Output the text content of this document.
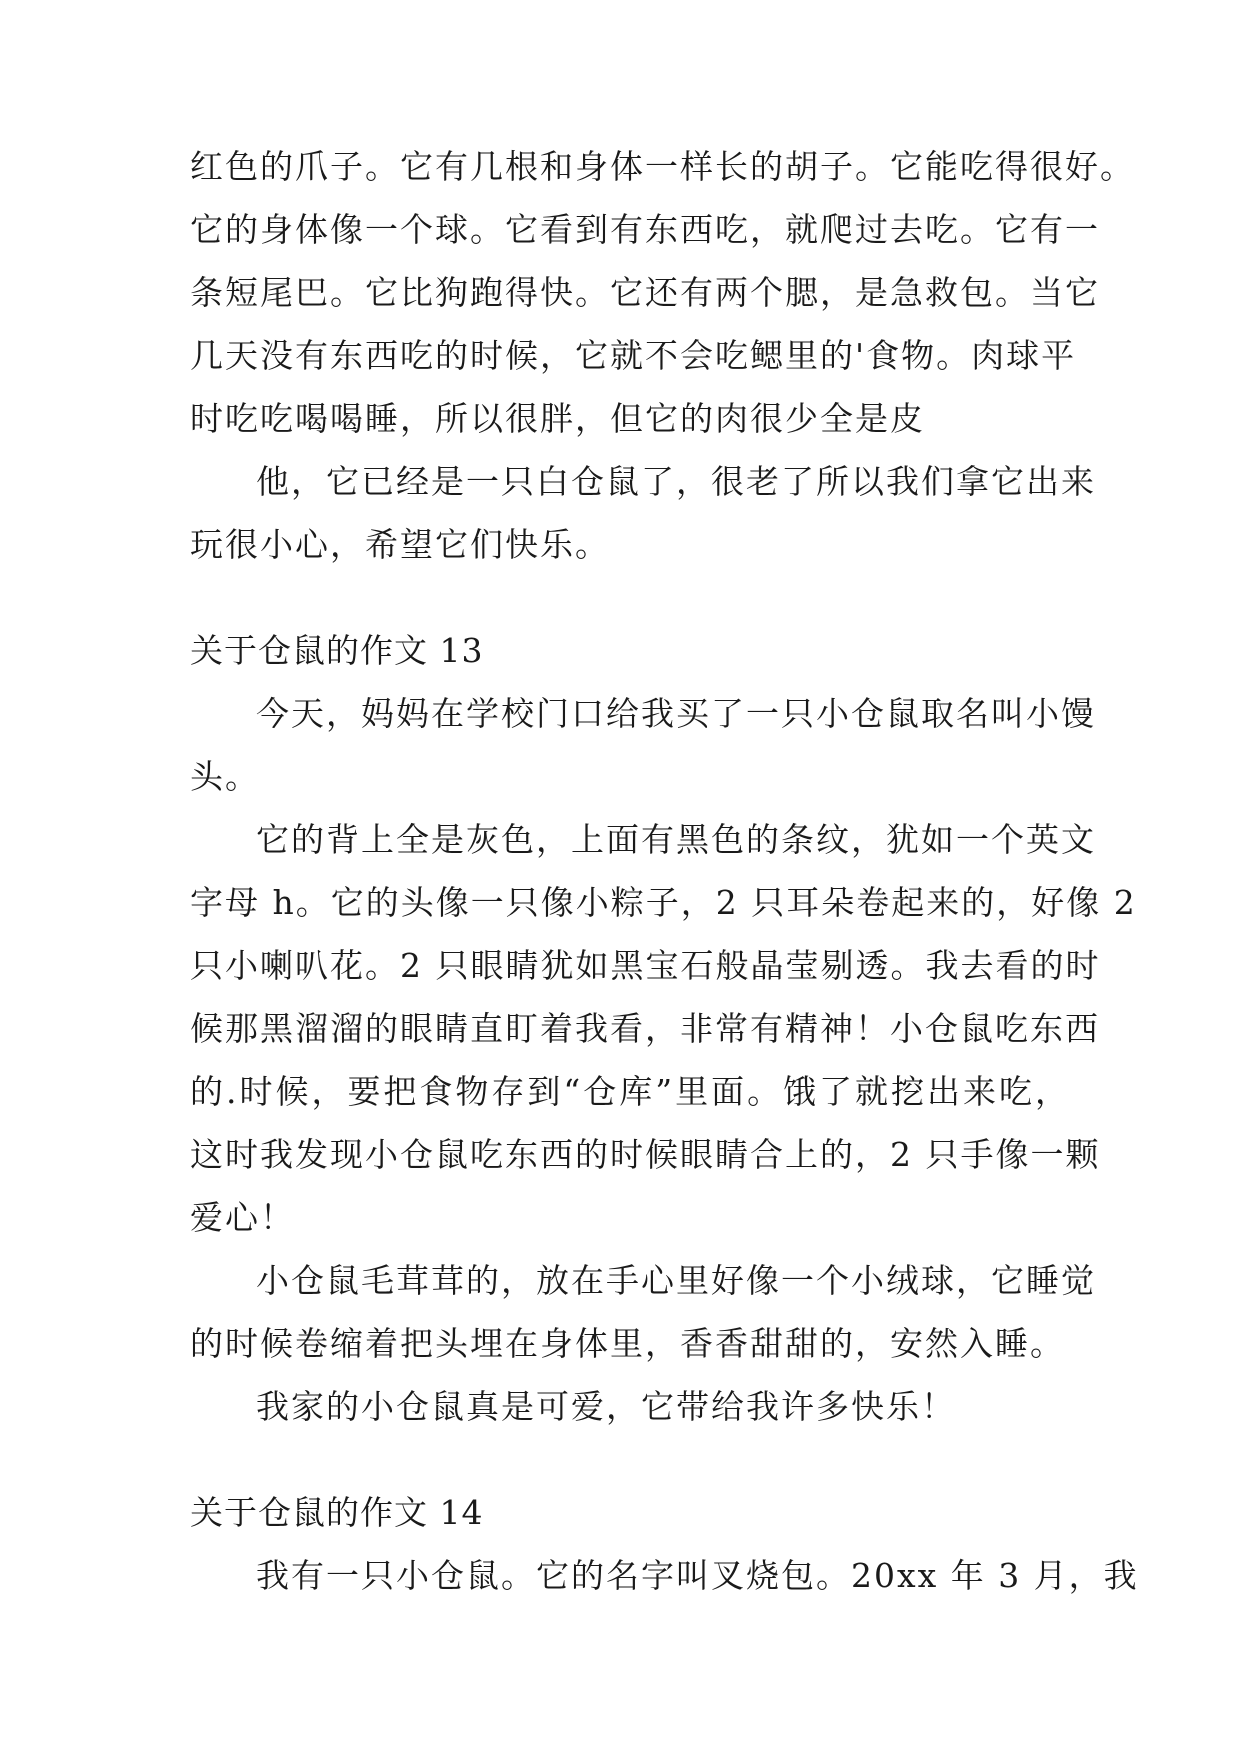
红色的爪子。它有几根和身体一样长的胡子。它能吃得很好。

它的身体像一个球。它看到有东西吃，就爬过去吃。它有一

条短尾巴。它比狗跑得快。它还有两个腮，是急救包。当它

几天没有东西吃的时候，它就不会吃鳃里的'食物。肉球平

时吃吃喝喝睡，所以很胖，但它的肉很少全是皮

他，它已经是一只白仓鼠了，很老了所以我们拿它出来

玩很小心，希望它们快乐。

关于仓鼠的作文 13

今天，妈妈在学校门口给我买了一只小仓鼠取名叫小馒

头。

它的背上全是灰色，上面有黑色的条纹，犹如一个英文

字母 h。它的头像一只像小粽子，2 只耳朵卷起来的，好像 2

只小喇叭花。2 只眼睛犹如黑宝石般晶莹剔透。我去看的时

候那黑溜溜的眼睛直盯着我看，非常有精神！小仓鼠吃东西

的.时候，要把食物存到“仓库”里面。饿了就挖出来吃，

这时我发现小仓鼠吃东西的时候眼睛合上的，2 只手像一颗

爱心！

小仓鼠毛茸茸的，放在手心里好像一个小绒球，它睡觉

的时候卷缩着把头埋在身体里，香香甜甜的，安然入睡。

我家的小仓鼠真是可爱，它带给我许多快乐！

关于仓鼠的作文 14

我有一只小仓鼠。它的名字叫叉烧包。20xx 年 3 月，我
